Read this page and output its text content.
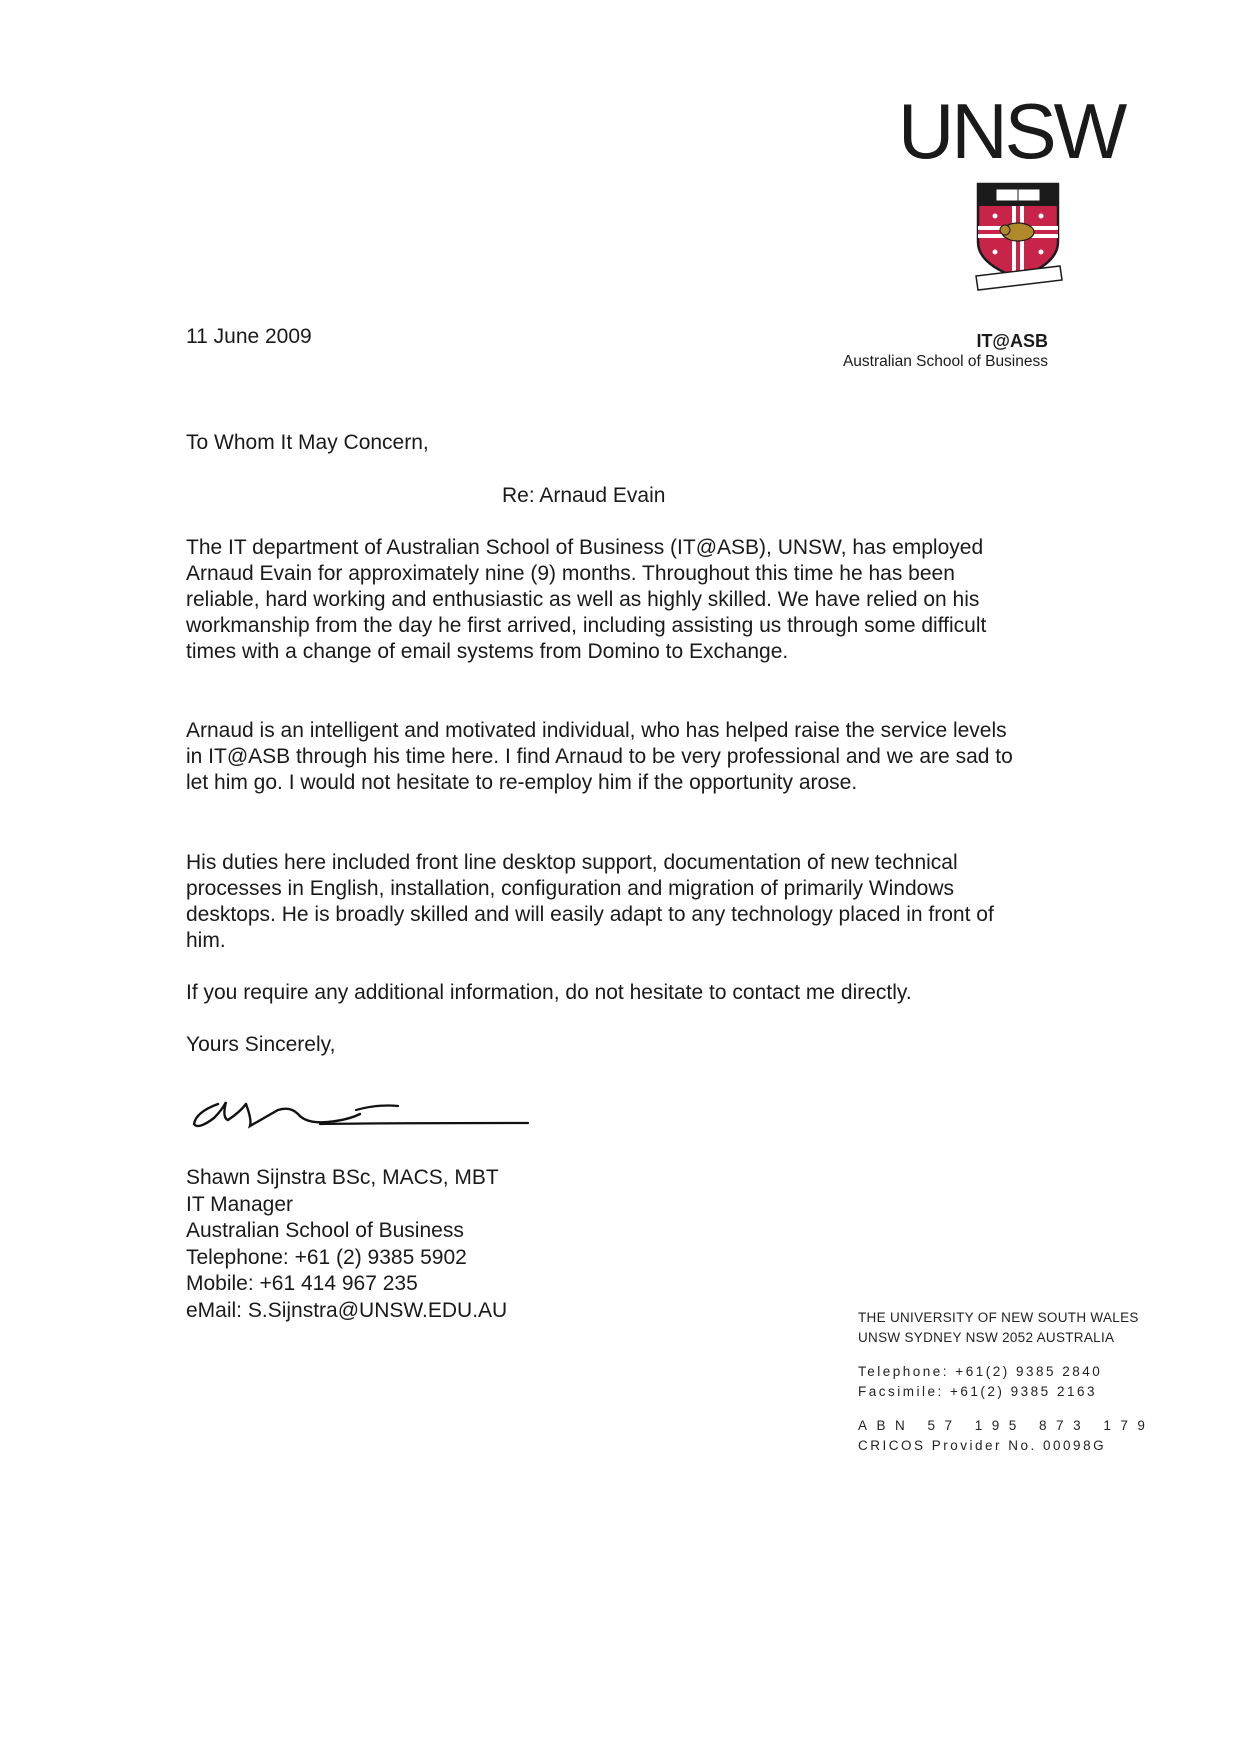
UNSW
11 June 2009	IT@ASB
Australian School of Business
To Whom It May Concern,
Re: Arnaud Evain
The IT department of Australian School of Business (IT@ASB), UNSW, has employed Arnaud Evain for approximately nine (9) months. Throughout this time he has been reliable, hard working and enthusiastic as well as highly skilled. We have relied on his workmanship from the day he first arrived, including assisting us through some difficult times with a change of email systems from Domino to Exchange.
Arnaud is an intelligent and motivated individual, who has helped raise the service levels in IT@ASB through his time here. I find Arnaud to be very professional and we are sad to let him go. I would not hesitate to re-employ him if the opportunity arose.
His duties here included front line desktop support, documentation of new technical processes in English, installation, configuration and migration of primarily Windows desktops. He is broadly skilled and will easily adapt to any technology placed in front of him.
If you require any additional information, do not hesitate to contact me directly.
Yours Sincerely,
Shawn Sijnstra BSc, MACS, MBT
IT Manager
Australian School of Business
Telephone: +61 (2) 9385 5902
Mobile: +61 414 967 235
eMail: S.Sijnstra@UNSW.EDU.AU	THE UNIVERSITY OF NEW SOUTH WALES
UNSW SYDNEY NSW 2052 AUSTRALIA
Telephone: +61(2) 9385 2840
Facsimile: +61(2) 9385 2163
ABN 57 195 873 179
CRICOS Provider No. 00098G
